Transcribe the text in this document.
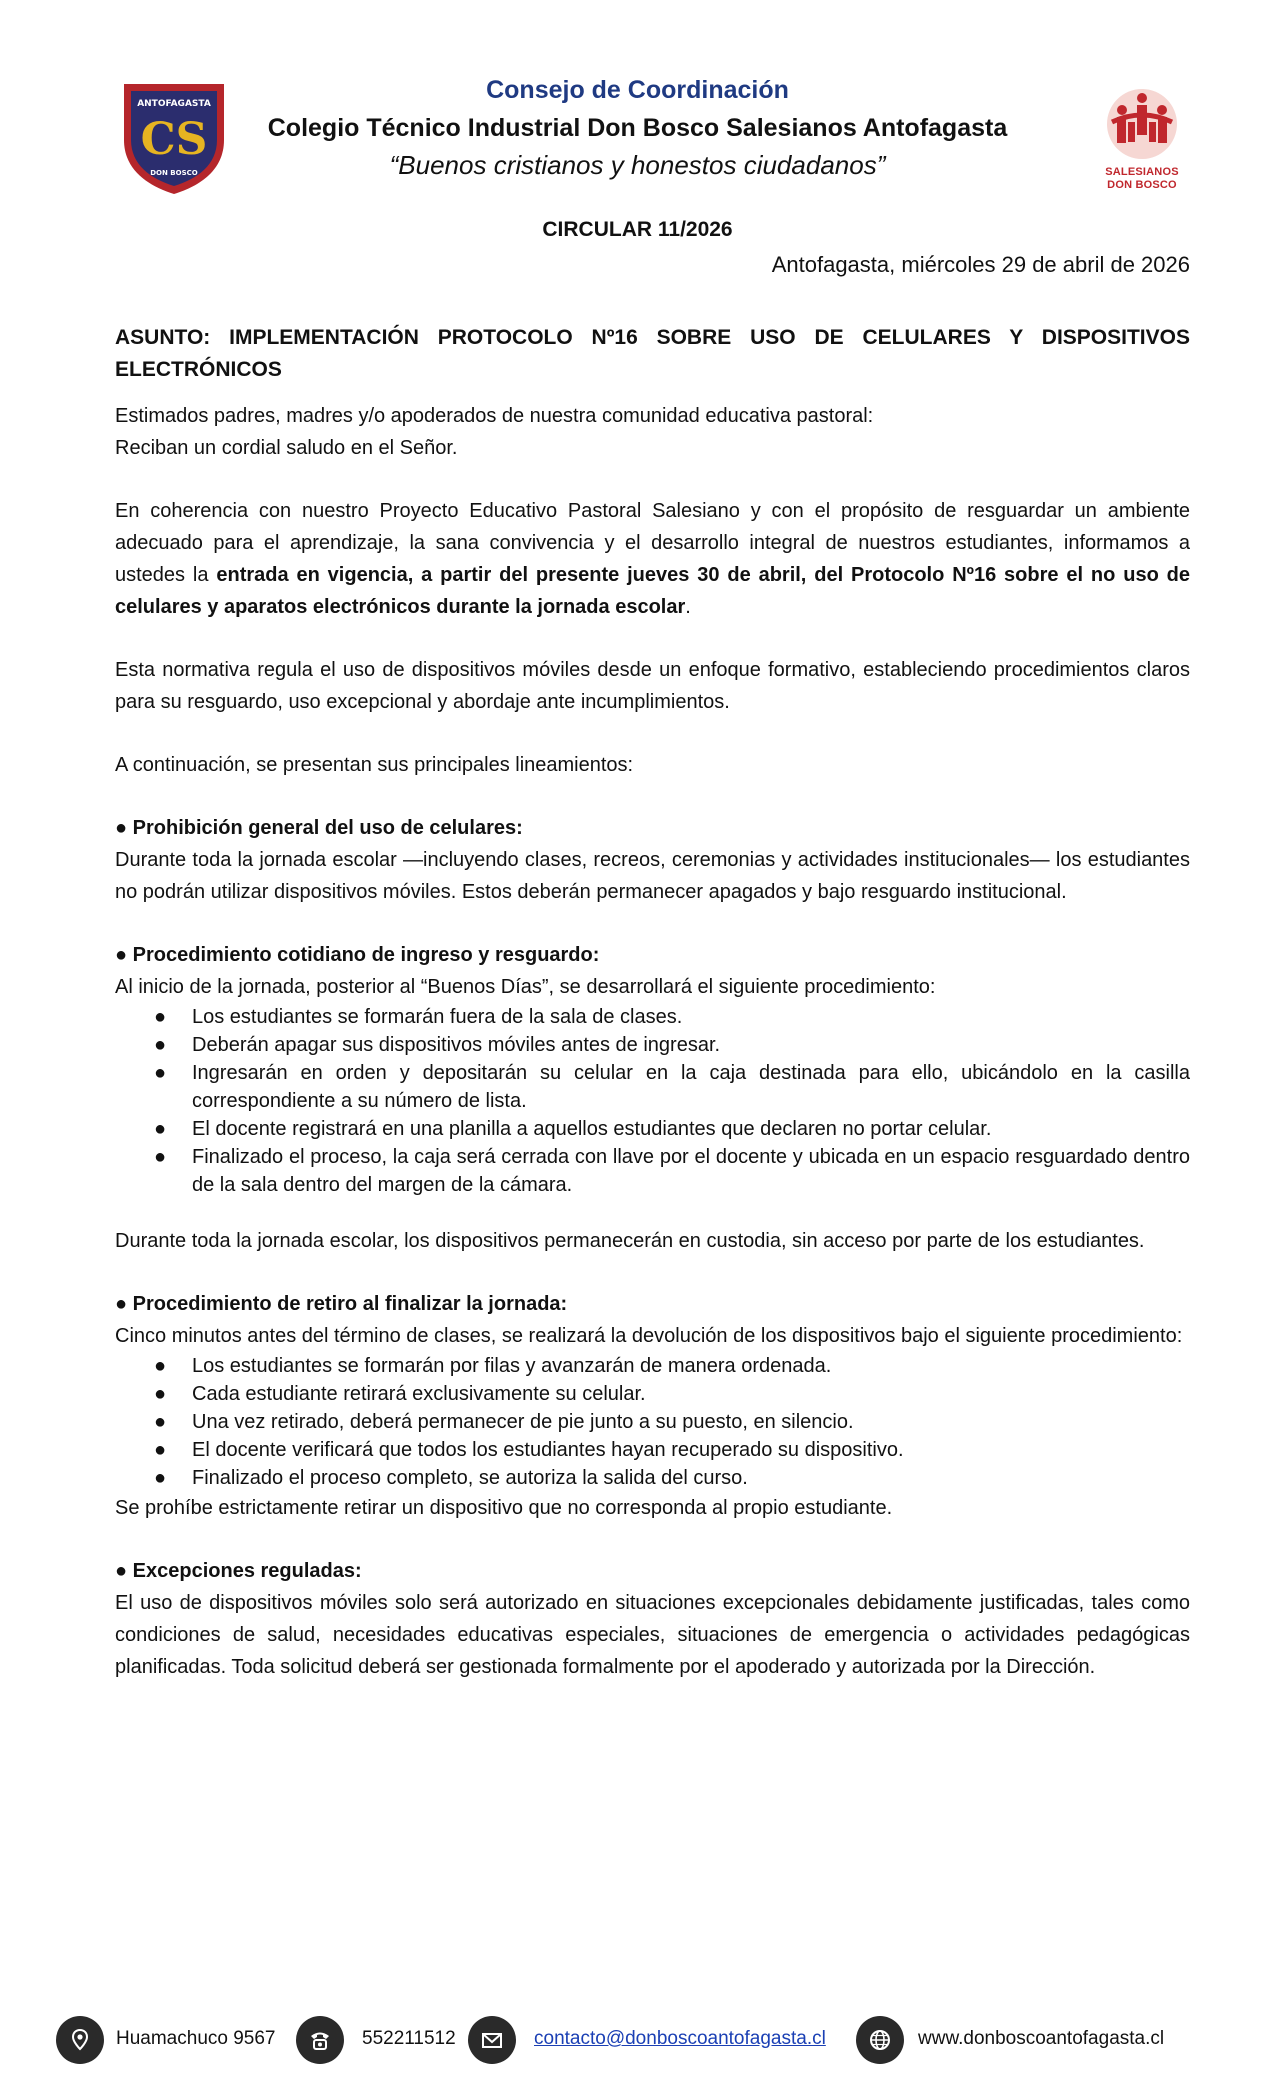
ANTOFAGASTA
CS
DON BOSCO	SALESIANOS
DON BOSCO
Consejo de Coordinación
Colegio Técnico Industrial Don Bosco Salesianos Antofagasta
“Buenos cristianos y honestos ciudadanos”
CIRCULAR 11/2026
Antofagasta, miércoles 29 de abril de 2026
ASUNTO: IMPLEMENTACIÓN PROTOCOLO Nº16 SOBRE USO DE CELULARES Y DISPOSITIVOS ELECTRÓNICOS

Estimados padres, madres y/o apoderados de nuestra comunidad educativa pastoral:

Reciban un cordial saludo en el Señor.

En coherencia con nuestro Proyecto Educativo Pastoral Salesiano y con el propósito de resguardar un ambiente adecuado para el aprendizaje, la sana convivencia y el desarrollo integral de nuestros estudiantes, informamos a ustedes la entrada en vigencia, a partir del presente jueves 30 de abril, del Protocolo Nº16 sobre el no uso de celulares y aparatos electrónicos durante la jornada escolar.

Esta normativa regula el uso de dispositivos móviles desde un enfoque formativo, estableciendo procedimientos claros para su resguardo, uso excepcional y abordaje ante incumplimientos.

A continuación, se presentan sus principales lineamientos:

● Prohibición general del uso de celulares:

Durante toda la jornada escolar —incluyendo clases, recreos, ceremonias y actividades institucionales— los estudiantes no podrán utilizar dispositivos móviles. Estos deberán permanecer apagados y bajo resguardo institucional.

● Procedimiento cotidiano de ingreso y resguardo:

Al inicio de la jornada, posterior al “Buenos Días”, se desarrollará el siguiente procedimiento:

● Los estudiantes se formarán fuera de la sala de clases.
● Deberán apagar sus dispositivos móviles antes de ingresar.
● Ingresarán en orden y depositarán su celular en la caja destinada para ello, ubicándolo en la casilla correspondiente a su número de lista.
● El docente registrará en una planilla a aquellos estudiantes que declaren no portar celular.
● Finalizado el proceso, la caja será cerrada con llave por el docente y ubicada en un espacio resguardado dentro de la sala dentro del margen de la cámara.

Durante toda la jornada escolar, los dispositivos permanecerán en custodia, sin acceso por parte de los estudiantes.

● Procedimiento de retiro al finalizar la jornada:

Cinco minutos antes del término de clases, se realizará la devolución de los dispositivos bajo el siguiente procedimiento:

● Los estudiantes se formarán por filas y avanzarán de manera ordenada.
● Cada estudiante retirará exclusivamente su celular.
● Una vez retirado, deberá permanecer de pie junto a su puesto, en silencio.
● El docente verificará que todos los estudiantes hayan recuperado su dispositivo.
● Finalizado el proceso completo, se autoriza la salida del curso.

Se prohíbe estrictamente retirar un dispositivo que no corresponda al propio estudiante.

● Excepciones reguladas:

El uso de dispositivos móviles solo será autorizado en situaciones excepcionales debidamente justificadas, tales como condiciones de salud, necesidades educativas especiales, situaciones de emergencia o actividades pedagógicas planificadas. Toda solicitud deberá ser gestionada formalmente por el apoderado y autorizada por la Dirección.

Huamachuco 9567	552211512	contacto@donboscoantofagasta.cl	www.donboscoantofagasta.cl
